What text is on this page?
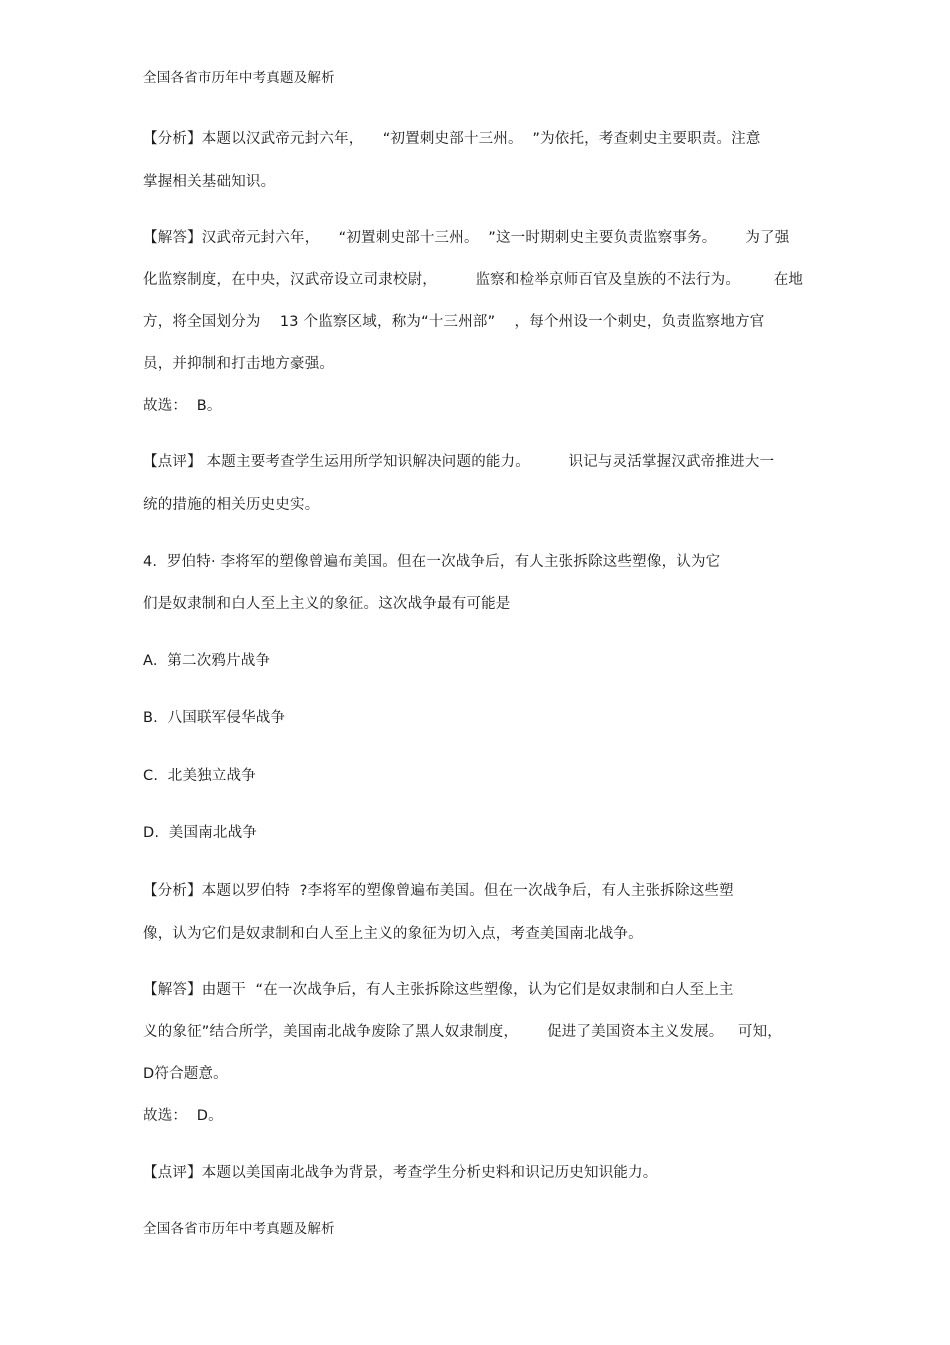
全国各省市历年中考真题及解析
【分析】本题以汉武帝元封六年，    “初置刺史部十三州。  ”为依托，考查刺史主要职责。注意
掌握相关基础知识。
【解答】汉武帝元封六年，    “初置刺史部十三州。  ”这一时期刺史主要负责监察事务。      为了强
化监察制度，在中央，汉武帝设立司隶校尉，        监察和检举京师百官及皇族的不法行为。       在地
方，将全国划分为    13 个监察区域，称为“十三州部”    ，每个州设一个刺史，负责监察地方官
员，并抑制和打击地方豪强。
故选：  B。
【点评】 本题主要考查学生运用所学知识解决问题的能力。        识记与灵活掌握汉武帝推进大一
统的措施的相关历史史实。
4.  罗伯特· 李将军的塑像曾遍布美国。但在一次战争后，有人主张拆除这些塑像，认为它
们是奴隶制和白人至上主义的象征。这次战争最有可能是
A.  第二次鸦片战争
B.  八国联军侵华战争
C.  北美独立战争
D.  美国南北战争
【分析】本题以罗伯特  ?李将军的塑像曾遍布美国。但在一次战争后，有人主张拆除这些塑
像，认为它们是奴隶制和白人至上主义的象征为切入点，考查美国南北战争。
【解答】由题干  “在一次战争后，有人主张拆除这些塑像，认为它们是奴隶制和白人至上主
义的象征”结合所学，美国南北战争废除了黑人奴隶制度，      促进了美国资本主义发展。   可知，
D符合题意。
故选：  D。
【点评】本题以美国南北战争为背景，考查学生分析史料和识记历史知识能力。
全国各省市历年中考真题及解析
